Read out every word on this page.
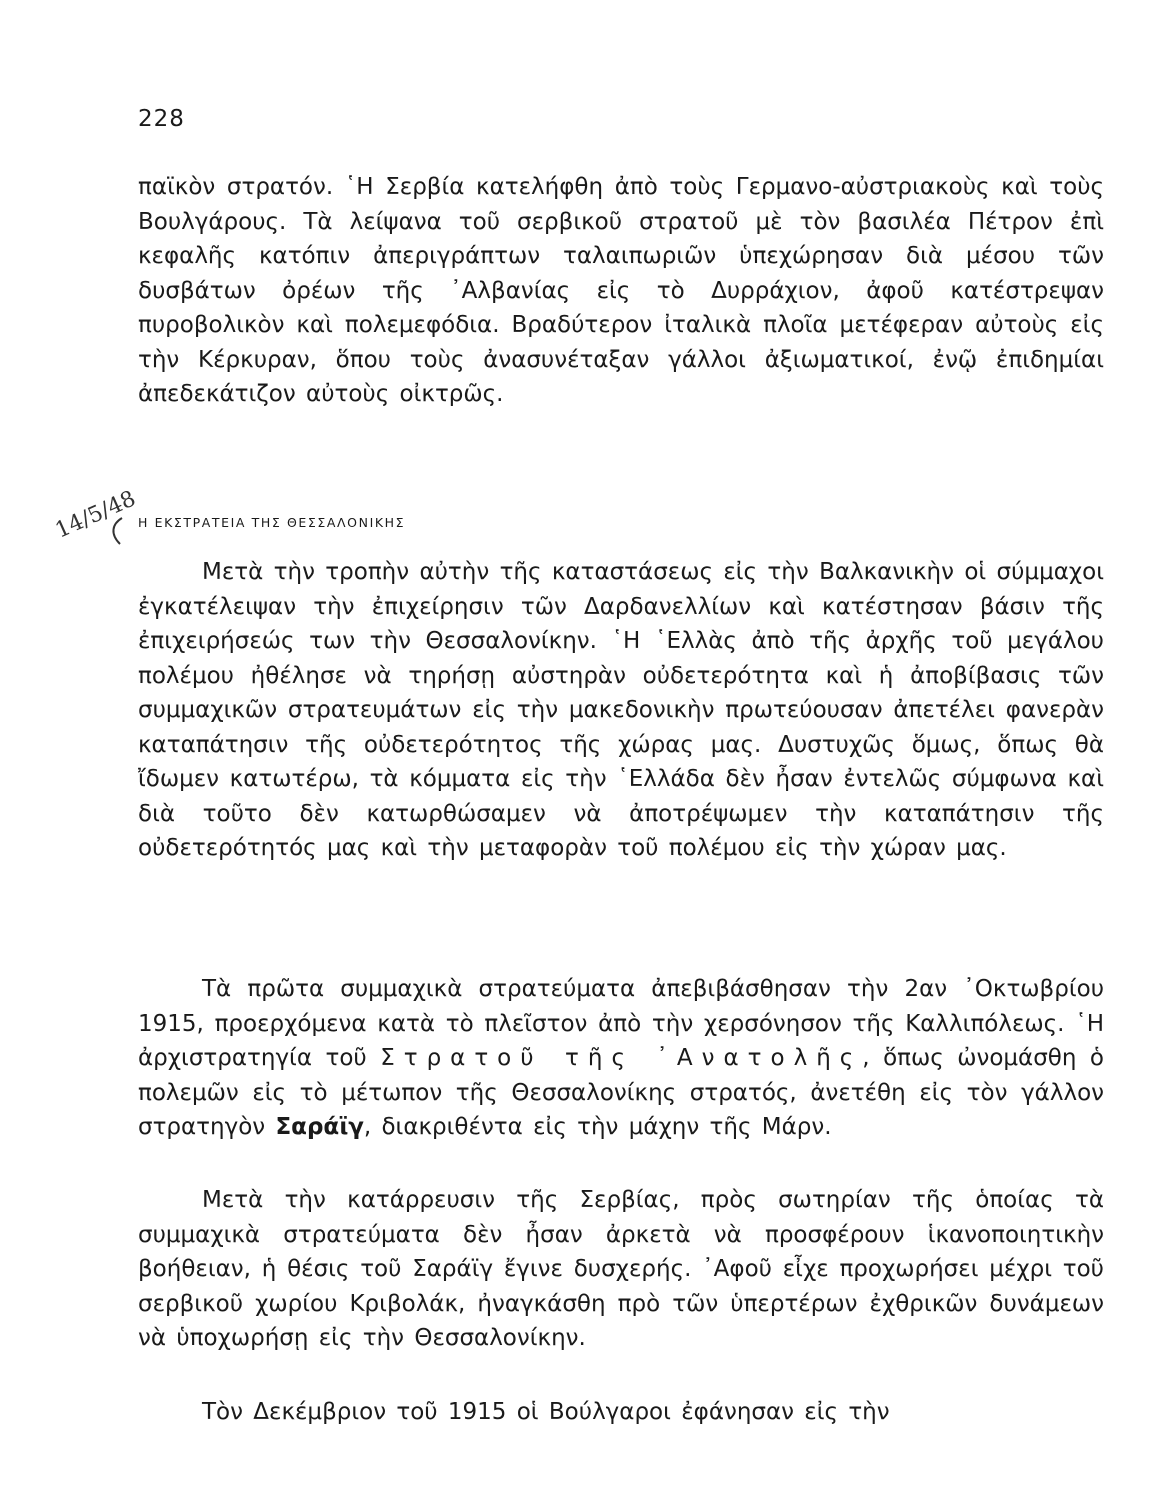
228

παϊκὸν στρατόν. ῾Η Σερβία κατελήφθη ἀπὸ τοὺς Γερμανο-αὐστριακοὺς καὶ τοὺς Βουλγάρους. Τὰ λείψανα τοῦ σερβικοῦ στρατοῦ μὲ τὸν βασιλέα Πέτρον ἐπὶ κεφαλῆς κατόπιν ἀπεριγράπτων ταλαιπωριῶν ὑπεχώρησαν διὰ μέσου τῶν δυσβάτων ὀρέων τῆς ᾿Αλβανίας εἰς τὸ Δυρράχιον, ἀφοῦ κατέστρεψαν πυροβολικὸν καὶ πολεμεφόδια. Βραδύτερον ἰταλικὰ πλοῖα μετέφεραν αὐτοὺς εἰς τὴν Κέρκυραν, ὅπου τοὺς ἀνασυνέταξαν γάλλοι ἀξιωματικοί, ἐνῷ ἐπιδημίαι ἀπεδεκάτιζον αὐτοὺς οἰκτρῶς.

14/5/48
Η ΕΚΣΤΡΑΤΕΙΑ ΤΗΣ ΘΕΣΣΑΛΟΝΙΚΗΣ

Μετὰ τὴν τροπὴν αὐτὴν τῆς καταστάσεως εἰς τὴν Βαλκανικὴν οἱ σύμμαχοι ἐγκατέλειψαν τὴν ἐπιχείρησιν τῶν Δαρδανελλίων καὶ κατέστησαν βάσιν τῆς ἐπιχειρήσεώς των τὴν Θεσσαλονίκην. ῾Η ῾Ελλὰς ἀπὸ τῆς ἀρχῆς τοῦ μεγάλου πολέμου ἠθέλησε νὰ τηρήσῃ αὐστηρὰν οὐδετερότητα καὶ ἡ ἀποβίβασις τῶν συμμαχικῶν στρατευμάτων εἰς τὴν μακεδονικὴν πρωτεύουσαν ἀπετέλει φανερὰν καταπάτησιν τῆς οὐδετερότητος τῆς χώρας μας. Δυστυχῶς ὅμως, ὅπως θὰ ἴδωμεν κατωτέρω, τὰ κόμματα εἰς τὴν ῾Ελλάδα δὲν ἦσαν ἐντελῶς σύμφωνα καὶ διὰ τοῦτο δὲν κατωρθώσαμεν νὰ ἀποτρέψωμεν τὴν καταπάτησιν τῆς οὐδετερότητός μας καὶ τὴν μεταφορὰν τοῦ πολέμου εἰς τὴν χώραν μας.

Τὰ πρῶτα συμμαχικὰ στρατεύματα ἀπεβιβάσθησαν τὴν 2αν ᾿Οκτωβρίου 1915, προερχόμενα κατὰ τὸ πλεῖστον ἀπὸ τὴν χερσόνησον τῆς Καλλιπόλεως. ῾Η ἀρχιστρατηγία τοῦ Στρατοῦ τῆς ᾿Ανατολῆς, ὅπως ὠνομάσθη ὁ πολεμῶν εἰς τὸ μέτωπον τῆς Θεσσαλονίκης στρατός, ἀνετέθη εἰς τὸν γάλλον στρατηγὸν Σαράϊγ, διακριθέντα εἰς τὴν μάχην τῆς Μάρν.

Μετὰ τὴν κατάρρευσιν τῆς Σερβίας, πρὸς σωτηρίαν τῆς ὁποίας τὰ συμμαχικὰ στρατεύματα δὲν ἦσαν ἀρκετὰ νὰ προσφέρουν ἱκανοποιητικὴν βοήθειαν, ἡ θέσις τοῦ Σαράϊγ ἔγινε δυσχερής. ᾿Αφοῦ εἶχε προχωρήσει μέχρι τοῦ σερβικοῦ χωρίου Κριβολάκ, ἠναγκάσθη πρὸ τῶν ὑπερτέρων ἐχθρικῶν δυνάμεων νὰ ὑποχωρήσῃ εἰς τὴν Θεσσαλονίκην.

Τὸν Δεκέμβριον τοῦ 1915 οἱ Βούλγαροι ἐφάνησαν εἰς τὴν
